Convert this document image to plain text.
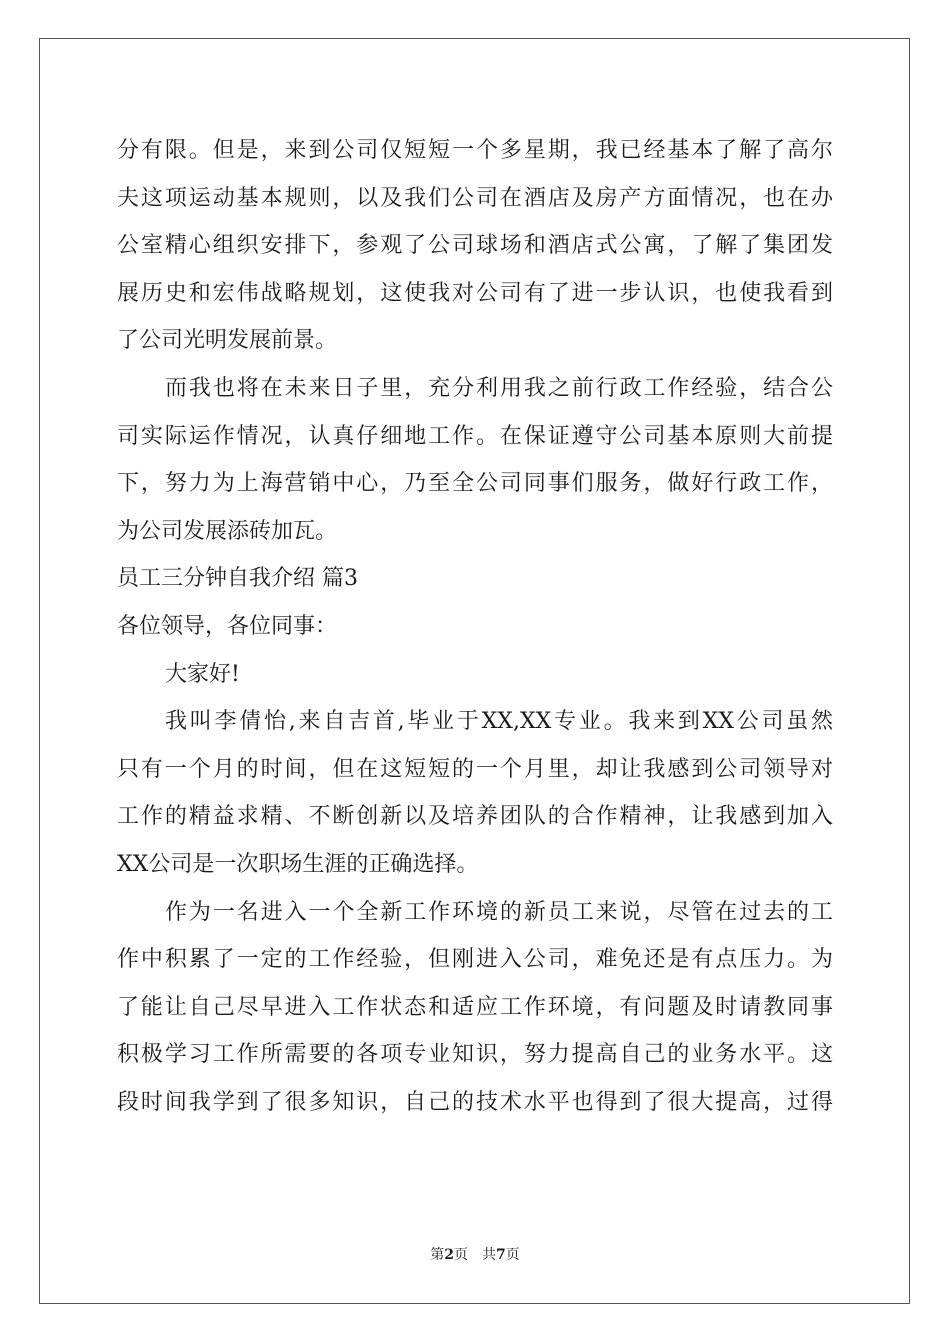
分有限。但是，来到公司仅短短一个多星期，我已经基本了解了高尔
夫这项运动基本规则，以及我们公司在酒店及房产方面情况，也在办
公室精心组织安排下，参观了公司球场和酒店式公寓，了解了集团发
展历史和宏伟战略规划，这使我对公司有了进一步认识，也使我看到
了公司光明发展前景。
而我也将在未来日子里，充分利用我之前行政工作经验，结合公
司实际运作情况，认真仔细地工作。在保证遵守公司基本原则大前提
下，努力为上海营销中心，乃至全公司同事们服务，做好行政工作，
为公司发展添砖加瓦。
员工三分钟自我介绍 篇3
各位领导，各位同事：
大家好!
我叫李倩怡,来自吉首,毕业于XX,XX专业。我来到XX公司虽然
只有一个月的时间，但在这短短的一个月里，却让我感到公司领导对
工作的精益求精、不断创新以及培养团队的合作精神，让我感到加入
XX公司是一次职场生涯的正确选择。
作为一名进入一个全新工作环境的新员工来说，尽管在过去的工
作中积累了一定的工作经验，但刚进入公司，难免还是有点压力。为
了能让自己尽早进入工作状态和适应工作环境，有问题及时请教同事
积极学习工作所需要的各项专业知识，努力提高自己的业务水平。这
段时间我学到了很多知识，自己的技术水平也得到了很大提高，过得
第2页 共7页
